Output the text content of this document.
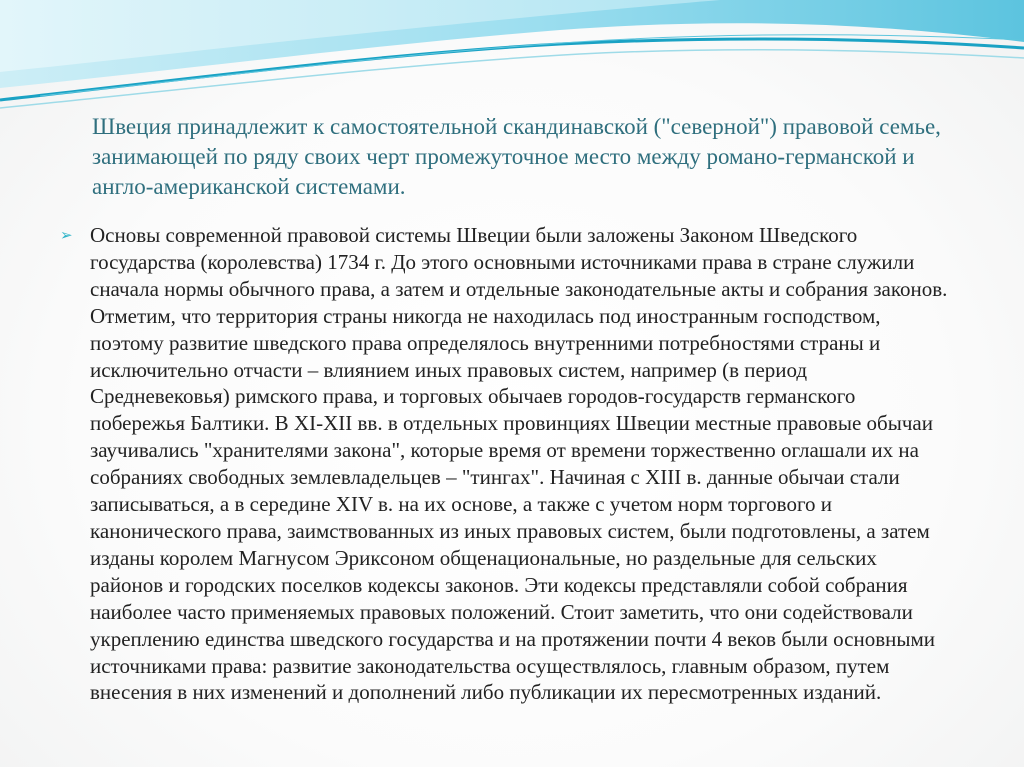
Швеция принадлежит к самостоятельной скандинавской ("северной") правовой семье, занимающей по ряду своих черт промежуточное место между романо-германской и англо-американской системами.
➢ Основы современной правовой системы Швеции были заложены Законом Шведского государства (королевства) 1734 г. До этого основными источниками права в стране служили сначала нормы обычного права, а затем и отдельные законодательные акты и собрания законов. Отметим, что территория страны никогда не находилась под иностранным господством, поэтому развитие шведского права определялось внутренними потребностями страны и исключительно отчасти – влиянием иных правовых систем, например (в период Средневековья) римского права, и торговых обычаев городов-государств германского побережья Балтики. В XI-XII вв. в отдельных провинциях Швеции местные правовые обычаи заучивались "хранителями закона", которые время от времени торжественно оглашали их на собраниях свободных землевладельцев – "тингах". Начиная с XIII в. данные обычаи стали записываться, а в середине XIV в. на их основе, а также с учетом норм торгового и канонического права, заимствованных из иных правовых систем, были подготовлены, а затем изданы королем Магнусом Эриксоном общенациональные, но раздельные для сельских районов и городских поселков кодексы законов. Эти кодексы представляли собой собрания наиболее часто применяемых правовых положений. Стоит заметить, что они содействовали укреплению единства шведского государства и на протяжении почти 4 веков были основными источниками права: развитие законодательства осуществлялось, главным образом, путем внесения в них изменений и дополнений либо публикации их пересмотренных изданий.
